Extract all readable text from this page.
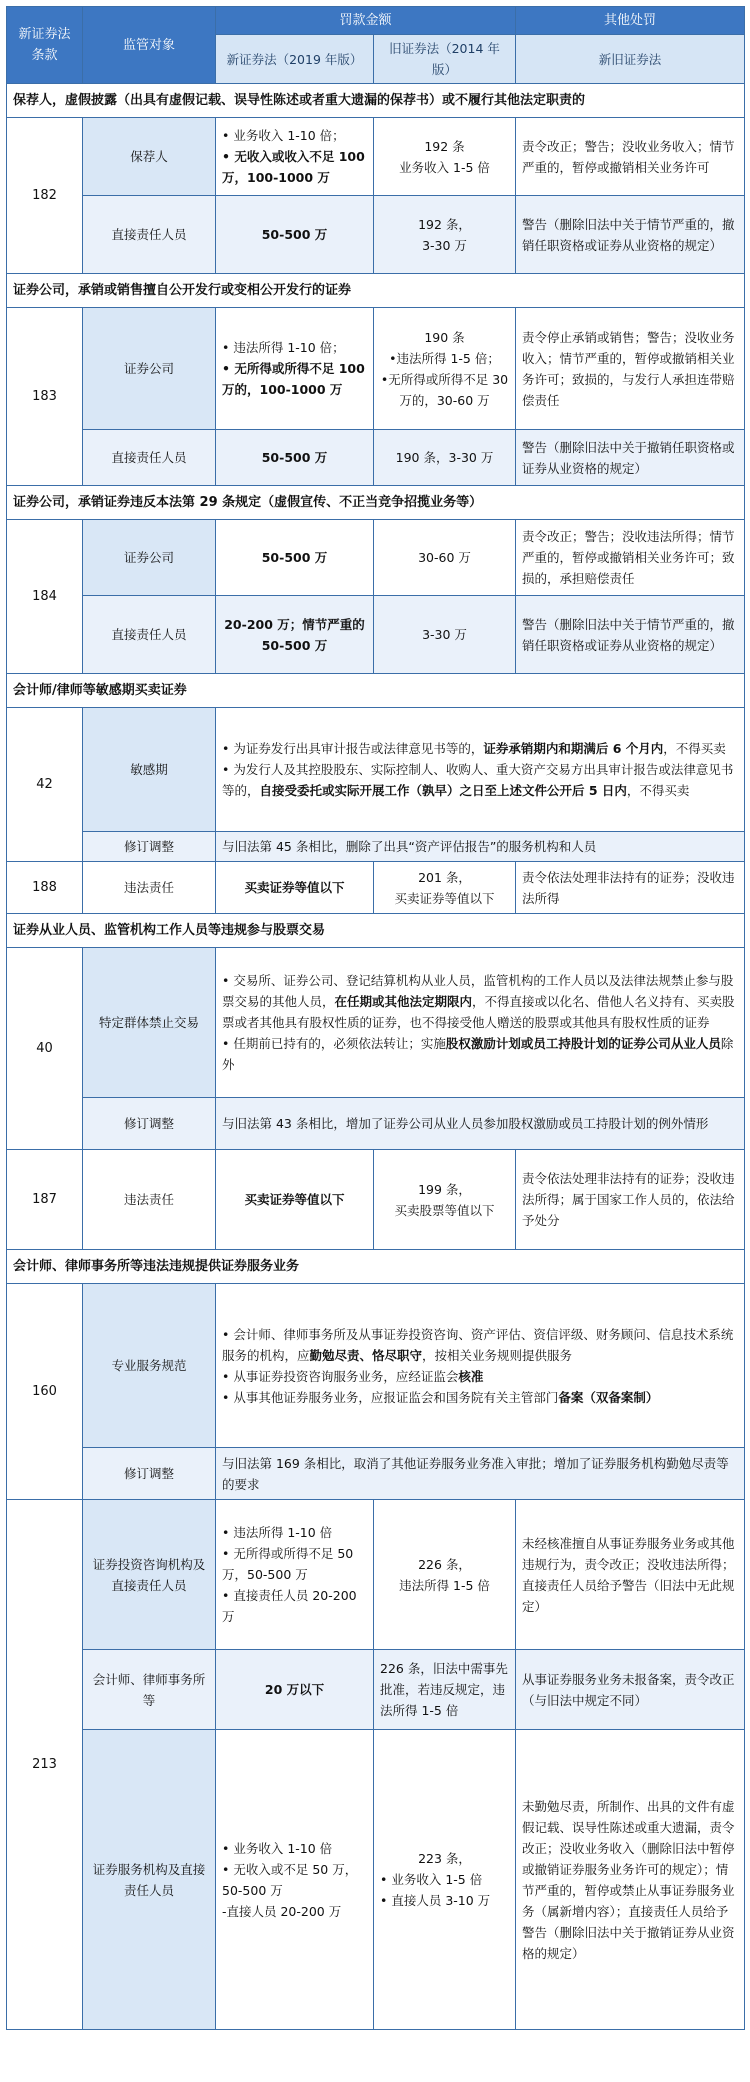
新证券法条款	监管对象	罚款金额		其他处罚
		新证券法（2019 年版）	旧证券法（2014 年版）	新旧证券法
保荐人，虚假披露（出具有虚假记载、误导性陈述或者重大遗漏的保荐书）或不履行其他法定职责的				
182	保荐人	• 业务收入 1-10 倍；
• 无收入或收入不足 100 万，100-1000 万	192 条
业务收入 1-5 倍	责令改正；警告；没收业务收入；情节严重的，暂停或撤销相关业务许可
	直接责任人员	50-500 万	192 条，
3-30 万	警告（删除旧法中关于情节严重的，撤销任职资格或证券从业资格的规定）
证券公司，承销或销售擅自公开发行或变相公开发行的证券				
183	证券公司	• 违法所得 1-10 倍；
• 无所得或所得不足 100 万的，100-1000 万	190 条
•违法所得 1-5 倍；
•无所得或所得不足 30 万的，30-60 万	责令停止承销或销售；警告；没收业务收入；情节严重的，暂停或撤销相关业务许可；致损的，与发行人承担连带赔偿责任
	直接责任人员	50-500 万	190 条，3-30 万	警告（删除旧法中关于撤销任职资格或证券从业资格的规定）
证券公司，承销证券违反本法第 29 条规定（虚假宣传、不正当竞争招揽业务等）				
184	证券公司	50-500 万	30-60 万	责令改正；警告；没收违法所得；情节严重的，暂停或撤销相关业务许可；致损的，承担赔偿责任
	直接责任人员	20-200 万；情节严重的 50-500 万	3-30 万	警告（删除旧法中关于情节严重的，撤销任职资格或证券从业资格的规定）
会计师/律师等敏感期买卖证券				
42	敏感期	• 为证券发行出具审计报告或法律意见书等的，证券承销期内和期满后 6 个月内，不得买卖
• 为发行人及其控股股东、实际控制人、收购人、重大资产交易方出具审计报告或法律意见书等的，自接受委托或实际开展工作（孰早）之日至上述文件公开后 5 日内，不得买卖		

	修订调整	与旧法第 45 条相比，删除了出具“资产评估报告”的服务机构和人员		
188	违法责任	买卖证券等值以下	201 条，
买卖证券等值以下	责令依法处理非法持有的证券；没收违法所得
证券从业人员、监管机构工作人员等违规参与股票交易				
40	特定群体禁止交易	• 交易所、证券公司、登记结算机构从业人员，监管机构的工作人员以及法律法规禁止参与股票交易的其他人员，在任期或其他法定期限内，不得直接或以化名、借他人名义持有、买卖股票或者其他具有股权性质的证券，也不得接受他人赠送的股票或其他具有股权性质的证券
• 任期前已持有的，必须依法转让；实施股权激励计划或员工持股计划的证券公司从业人员除外		

	修订调整	与旧法第 43 条相比，增加了证券公司从业人员参加股权激励或员工持股计划的例外情形		
187	违法责任	买卖证券等值以下	199 条，
买卖股票等值以下	责令依法处理非法持有的证券；没收违法所得；属于国家工作人员的，依法给予处分
会计师、律师事务所等违法违规提供证券服务业务				
160	专业服务规范	• 会计师、律师事务所及从事证券投资咨询、资产评估、资信评级、财务顾问、信息技术系统服务的机构，应勤勉尽责、恪尽职守，按相关业务规则提供服务
• 从事证券投资咨询服务业务，应经证监会核准
• 从事其他证券服务业务，应报证监会和国务院有关主管部门备案（双备案制）		

	修订调整	与旧法第 169 条相比，取消了其他证券服务业务准入审批；增加了证券服务机构勤勉尽责等的要求		
213	证券投资咨询机构及直接责任人员	• 违法所得 1-10 倍
• 无所得或所得不足 50 万，50-500 万
• 直接责任人员 20-200 万	226 条，
违法所得 1-5 倍	未经核准擅自从事证券服务业务或其他违规行为，责令改正；没收违法所得；直接责任人员给予警告（旧法中无此规定）
	会计师、律师事务所等	20 万以下	226 条，旧法中需事先批准，若违反规定，违法所得 1-5 倍	从事证券服务业务未报备案，责令改正（与旧法中规定不同）
	证券服务机构及直接责任人员	• 业务收入 1-10 倍
• 无收入或不足 50 万，50-500 万
-直接人员 20-200 万	223 条，
• 业务收入 1-5 倍
• 直接人员 3-10 万	未勤勉尽责，所制作、出具的文件有虚假记载、误导性陈述或重大遗漏，责令改正；没收业务收入（删除旧法中暂停或撤销证券服务业务许可的规定）；情节严重的，暂停或禁止从事证券服务业务（属新增内容）；直接责任人员给予警告（删除旧法中关于撤销证券从业资格的规定）
